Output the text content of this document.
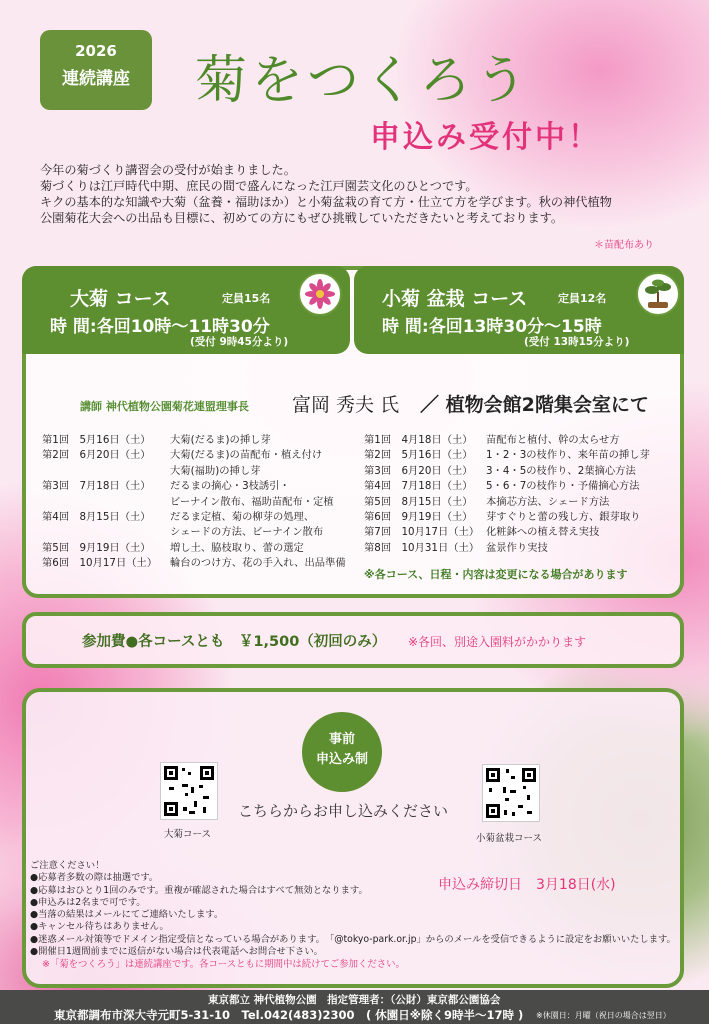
2026
連続講座	菊をつくろう
申込み受付中！
今年の菊づくり講習会の受付が始まりました。
菊づくりは江戸時代中期、庶民の間で盛んになった江戸園芸文化のひとつです。
キクの基本的な知識や大菊（盆養・福助ほか）と小菊盆栽の育て方・仕立て方を学びます。秋の神代植物
公園菊花大会への出品も目標に、初めての方にもぜひ挑戦していただきたいと考えております。
＊苗配布あり
大菊 コース	定員15名
時 間:各回10時～11時30分
(受付 9時45分より)
小菊 盆栽 コース	定員12名
時 間:各回13時30分～15時
(受付 13時15分より)
講師 神代植物公園菊花連盟理事長 富岡 秀夫 氏 ／ 植物会館2階集会室にて
第1回　5月16日（土） 大菊(だるま)の挿し芽
第2回　6月20日（土） 大菊(だるま)の苗配布・植え付け
大菊(福助)の挿し芽
第3回　7月18日（土） だるまの摘心・3枝誘引・
ビーナイン散布、福助苗配布・定植
第4回　8月15日（土） だるま定植、菊の柳芽の処理、
シェードの方法、ビーナイン散布
第5回　9月19日（土） 増し土、脇枝取り、蕾の選定
第6回　10月17日（土） 輪台のつけ方、花の手入れ、出品準備
第1回　4月18日（土） 苗配布と植付、幹の太らせ方
第2回　5月16日（土） 1・2・3の枝作り、来年苗の挿し芽
第3回　6月20日（土） 3・4・5の枝作り、2葉摘心方法
第4回　7月18日（土） 5・6・7の枝作り・予備摘心方法
第5回　8月15日（土） 本摘芯方法、シェード方法
第6回　9月19日（土） 芽すぐりと蕾の残し方、銀芽取り
第7回　10月17日（土） 化粧鉢への植え替え実技
第8回　10月31日（土） 盆景作り実技
※各コース、日程・内容は変更になる場合があります
参加費●各コースとも　￥1,500（初回のみ） ※各回、別途入園料がかかります
事前
申込み制
大菊コース	小菊盆栽コース
こちらからお申し込みください
申込み締切日　3月18日(水)
ご注意ください！
●応募者多数の際は抽選です。
●応募はおひとり1回のみです。重複が確認された場合はすべて無効となります。
●申込みは2名まで可です。
●当落の結果はメールにてご連絡いたします。
●キャンセル待ちはありません。
●迷惑メール対策等でドメイン指定受信となっている場合があります。　「@tokyo-park.or.jp」からのメールを受信できるように設定をお願いいたします。
●開催日1週間前までに返信がない場合は代表電話へお問合せ下さい。
※「菊をつくろう」は連続講座です。各コースともに期間中は続けてご参加ください。
東京都立 神代植物公園　指定管理者：（公財）東京都公園協会
東京都調布市深大寺元町5-31-10　Tel.042(483)2300　( 休園日※除く9時半～17時 ) ※休園日：月曜（祝日の場合は翌日）
